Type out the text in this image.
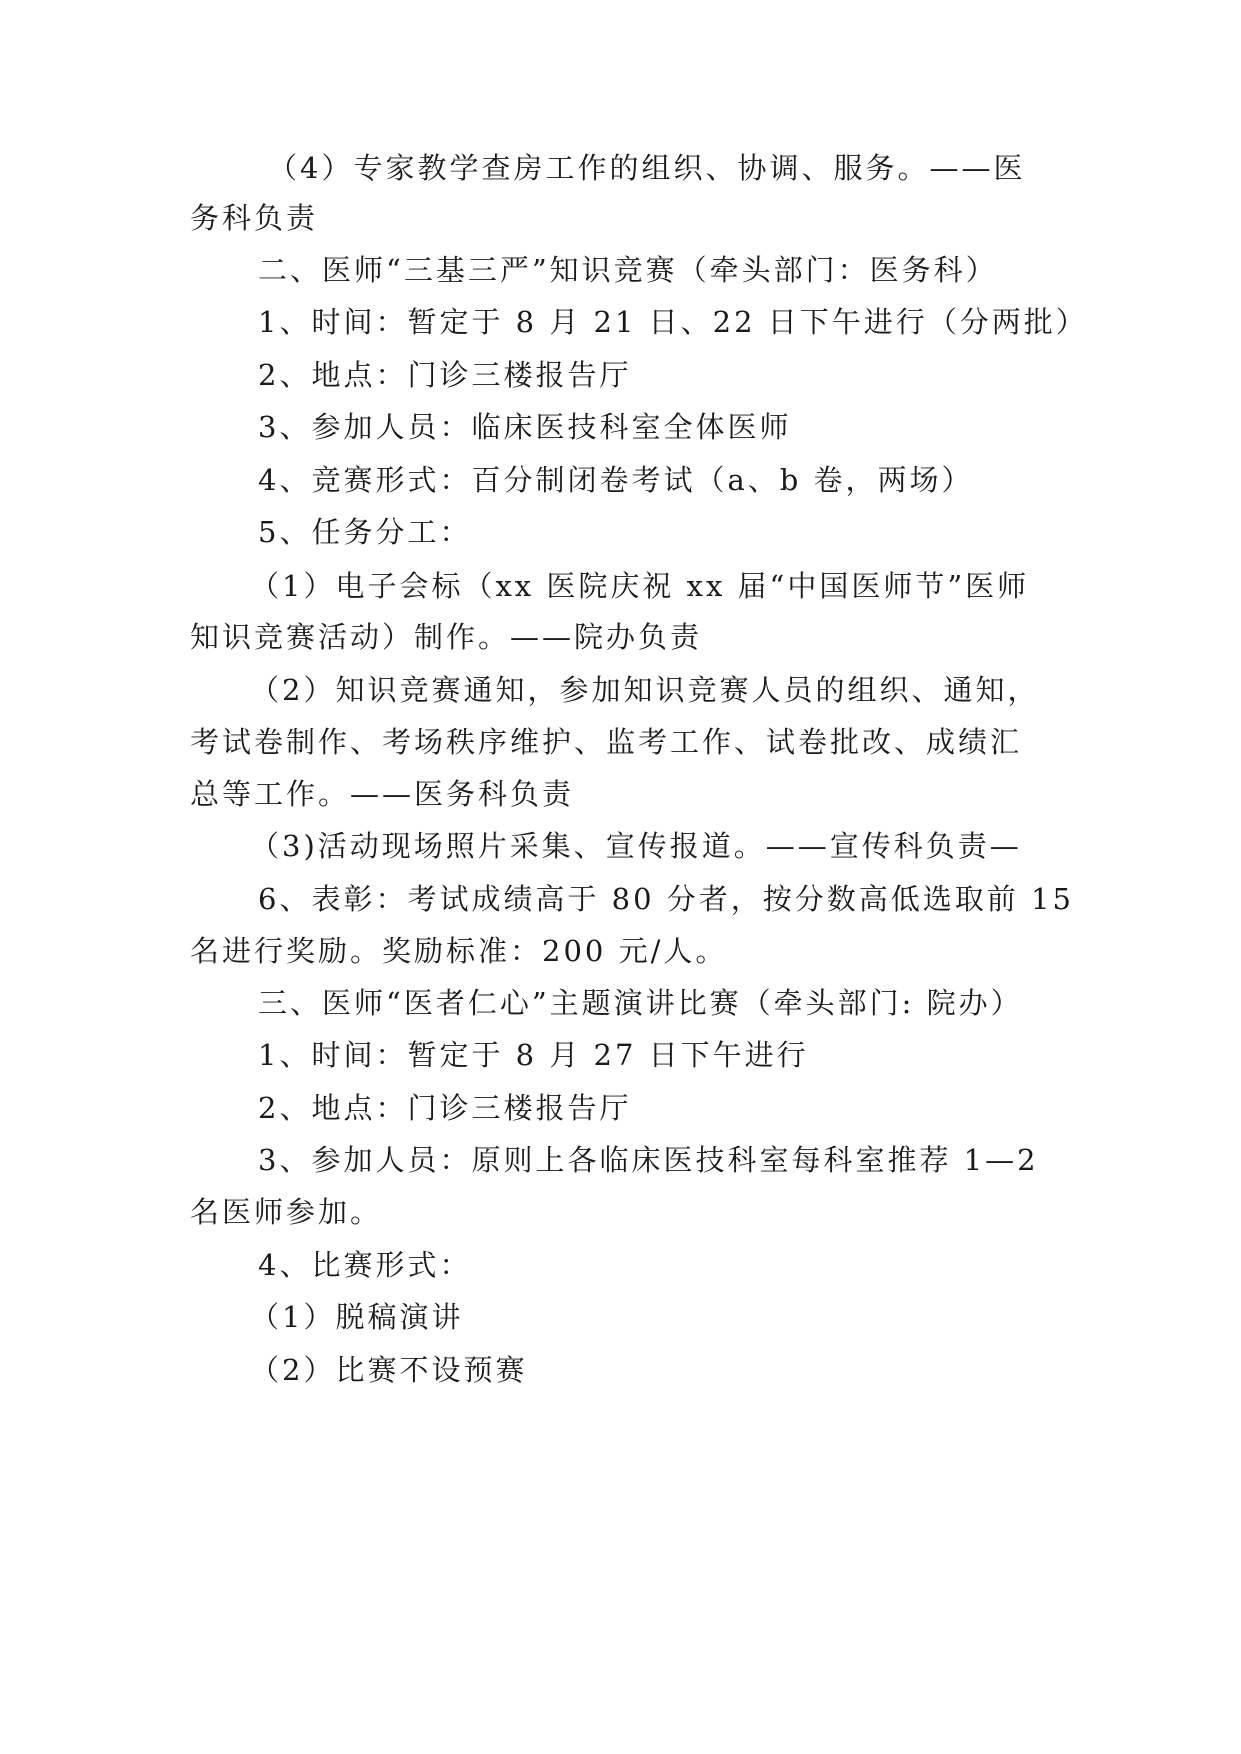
（4）专家教学查房工作的组织、协调、服务。——医
务科负责
二、医师“三基三严”知识竞赛（牵头部门：医务科）
1、时间：暂定于 8 月 21 日、22 日下午进行（分两批）
2、地点：门诊三楼报告厅
3、参加人员：临床医技科室全体医师
4、竞赛形式：百分制闭卷考试（a、b 卷，两场）
5、任务分工：
（1）电子会标（xx 医院庆祝 xx 届“中国医师节”医师
知识竞赛活动）制作。——院办负责
（2）知识竞赛通知，参加知识竞赛人员的组织、通知，
考试卷制作、考场秩序维护、监考工作、试卷批改、成绩汇
总等工作。——医务科负责
（3)活动现场照片采集、宣传报道。——宣传科负责—
6、表彰：考试成绩高于 80 分者，按分数高低选取前 15
名进行奖励。奖励标准：200 元/人。
三、医师“医者仁心”主题演讲比赛（牵头部门: 院办）
1、时间：暂定于 8 月 27 日下午进行
2、地点：门诊三楼报告厅
3、参加人员：原则上各临床医技科室每科室推荐 1—2
名医师参加。
4、比赛形式：
（1）脱稿演讲
（2）比赛不设预赛
